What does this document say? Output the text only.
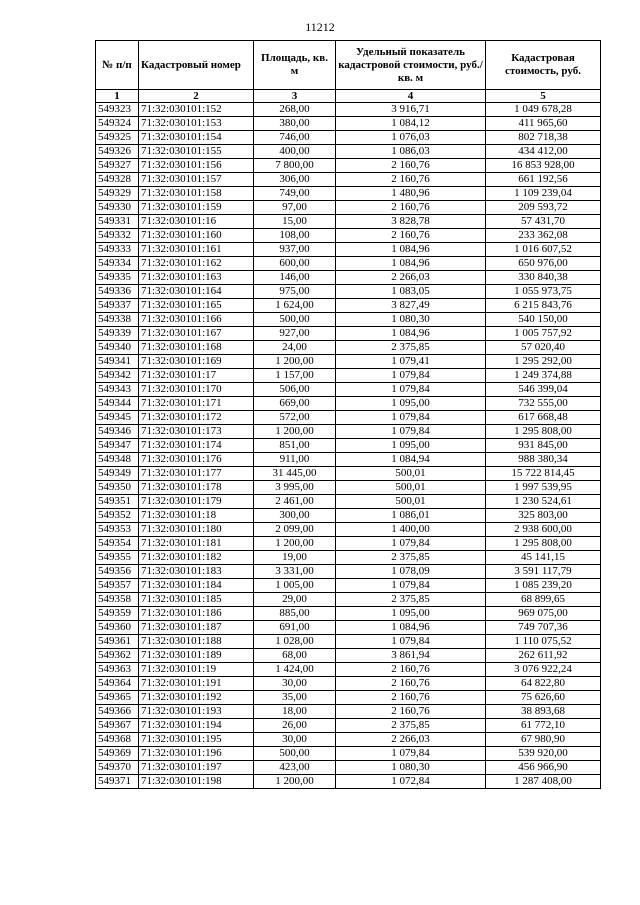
11212
№ п/п	Кадастровый номер	Площадь, кв. м	Удельный показатель кадастровой стоимости, руб./кв. м	Кадастровая стоимость, руб.
1	2	3	4	5
549323	71:32:030101:152	268,00	3 916,71	1 049 678,28
549324	71:32:030101:153	380,00	1 084,12	411 965,60
549325	71:32:030101:154	746,00	1 076,03	802 718,38
549326	71:32:030101:155	400,00	1 086,03	434 412,00
549327	71:32:030101:156	7 800,00	2 160,76	16 853 928,00
549328	71:32:030101:157	306,00	2 160,76	661 192,56
549329	71:32:030101:158	749,00	1 480,96	1 109 239,04
549330	71:32:030101:159	97,00	2 160,76	209 593,72
549331	71:32:030101:16	15,00	3 828,78	57 431,70
549332	71:32:030101:160	108,00	2 160,76	233 362,08
549333	71:32:030101:161	937,00	1 084,96	1 016 607,52
549334	71:32:030101:162	600,00	1 084,96	650 976,00
549335	71:32:030101:163	146,00	2 266,03	330 840,38
549336	71:32:030101:164	975,00	1 083,05	1 055 973,75
549337	71:32:030101:165	1 624,00	3 827,49	6 215 843,76
549338	71:32:030101:166	500,00	1 080,30	540 150,00
549339	71:32:030101:167	927,00	1 084,96	1 005 757,92
549340	71:32:030101:168	24,00	2 375,85	57 020,40
549341	71:32:030101:169	1 200,00	1 079,41	1 295 292,00
549342	71:32:030101:17	1 157,00	1 079,84	1 249 374,88
549343	71:32:030101:170	506,00	1 079,84	546 399,04
549344	71:32:030101:171	669,00	1 095,00	732 555,00
549345	71:32:030101:172	572,00	1 079,84	617 668,48
549346	71:32:030101:173	1 200,00	1 079,84	1 295 808,00
549347	71:32:030101:174	851,00	1 095,00	931 845,00
549348	71:32:030101:176	911,00	1 084,94	988 380,34
549349	71:32:030101:177	31 445,00	500,01	15 722 814,45
549350	71:32:030101:178	3 995,00	500,01	1 997 539,95
549351	71:32:030101:179	2 461,00	500,01	1 230 524,61
549352	71:32:030101:18	300,00	1 086,01	325 803,00
549353	71:32:030101:180	2 099,00	1 400,00	2 938 600,00
549354	71:32:030101:181	1 200,00	1 079,84	1 295 808,00
549355	71:32:030101:182	19,00	2 375,85	45 141,15
549356	71:32:030101:183	3 331,00	1 078,09	3 591 117,79
549357	71:32:030101:184	1 005,00	1 079,84	1 085 239,20
549358	71:32:030101:185	29,00	2 375,85	68 899,65
549359	71:32:030101:186	885,00	1 095,00	969 075,00
549360	71:32:030101:187	691,00	1 084,96	749 707,36
549361	71:32:030101:188	1 028,00	1 079,84	1 110 075,52
549362	71:32:030101:189	68,00	3 861,94	262 611,92
549363	71:32:030101:19	1 424,00	2 160,76	3 076 922,24
549364	71:32:030101:191	30,00	2 160,76	64 822,80
549365	71:32:030101:192	35,00	2 160,76	75 626,60
549366	71:32:030101:193	18,00	2 160,76	38 893,68
549367	71:32:030101:194	26,00	2 375,85	61 772,10
549368	71:32:030101:195	30,00	2 266,03	67 980,90
549369	71:32:030101:196	500,00	1 079,84	539 920,00
549370	71:32:030101:197	423,00	1 080,30	456 966,90
549371	71:32:030101:198	1 200,00	1 072,84	1 287 408,00
